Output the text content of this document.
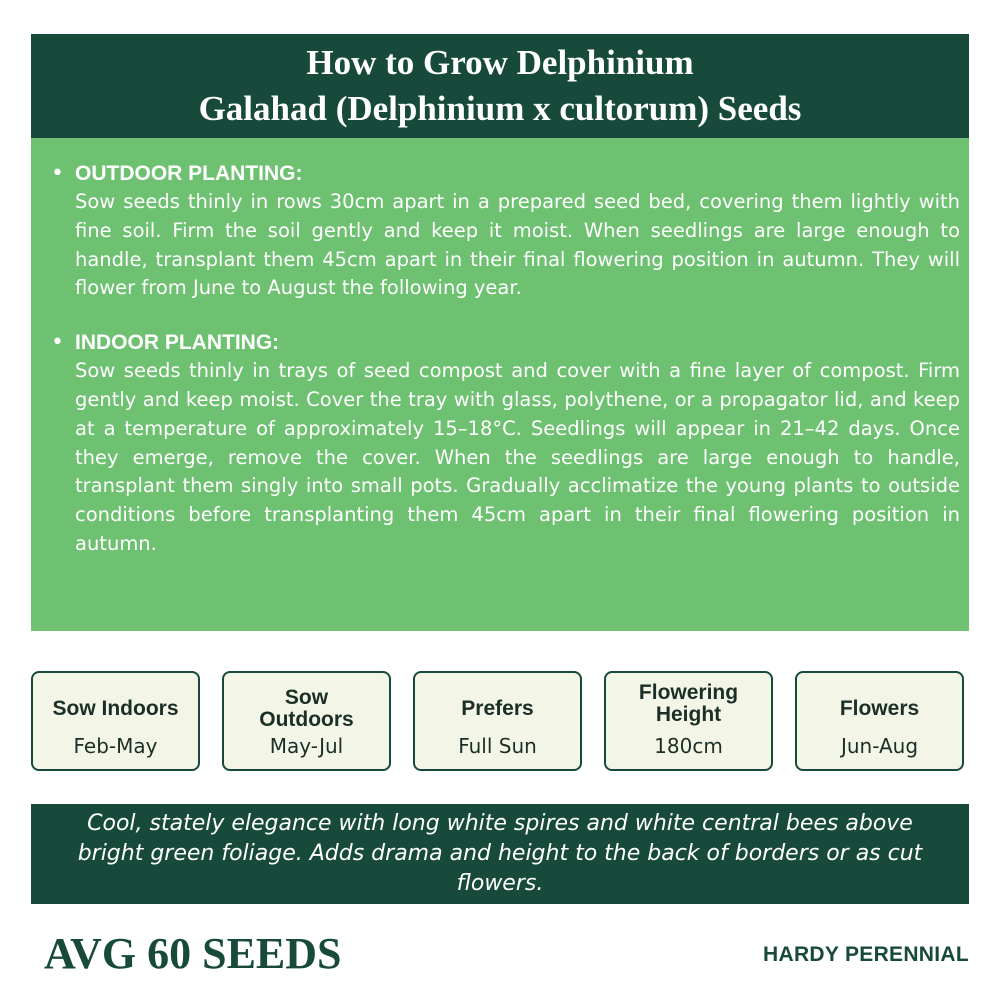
How to Grow Delphinium
Galahad (Delphinium x cultorum) Seeds
• OUTDOOR PLANTING:
Sow seeds thinly in rows 30cm apart in a prepared seed bed, covering them lightly with fine soil. Firm the soil gently and keep it moist. When seedlings are large enough to handle, transplant them 45cm apart in their final flowering position in autumn. They will flower from June to August the following year.
• INDOOR PLANTING:
Sow seeds thinly in trays of seed compost and cover with a fine layer of compost. Firm gently and keep moist. Cover the tray with glass, polythene, or a propagator lid, and keep at a temperature of approximately 15–18°C. Seedlings will appear in 21–42 days. Once they emerge, remove the cover. When the seedlings are large enough to handle, transplant them singly into small pots. Gradually acclimatize the young plants to outside conditions before transplanting them 45cm apart in their final flowering position in autumn.
Sow Indoors
Feb-May
Sow Outdoors
May-Jul
Prefers
Full Sun
Flowering Height
180cm
Flowers
Jun-Aug
Cool, stately elegance with long white spires and white central bees above bright green foliage. Adds drama and height to the back of borders or as cut flowers.
AVG 60 SEEDS	HARDY PERENNIAL
